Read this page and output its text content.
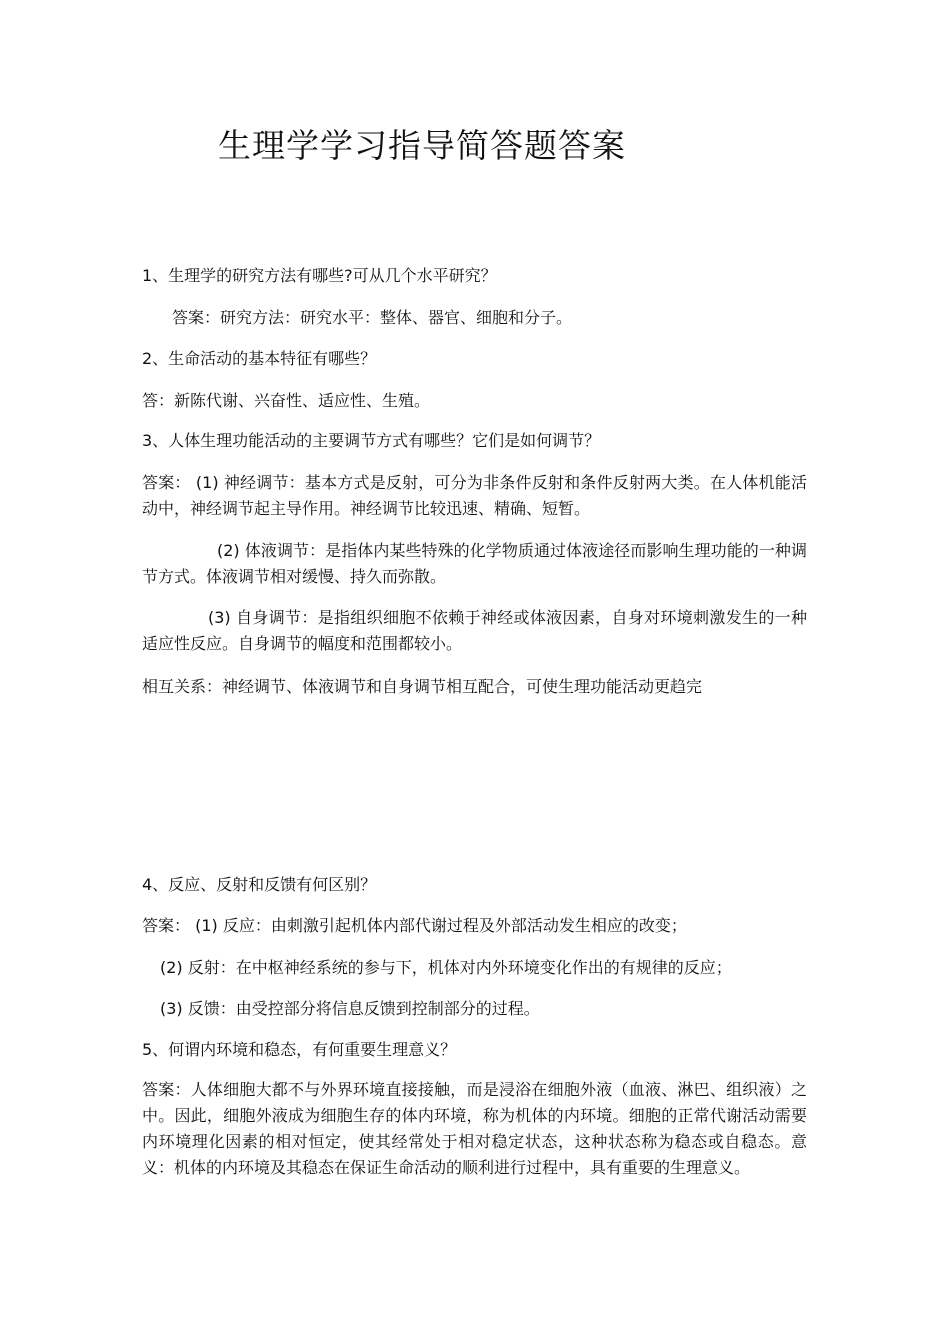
生理学学习指导简答题答案
1、生理学的研究方法有哪些?可从几个水平研究？
答案：研究方法：研究水平：整体、器官、细胞和分子。
2、生命活动的基本特征有哪些？
答：新陈代谢、兴奋性、适应性、生殖。
3、人体生理功能活动的主要调节方式有哪些？它们是如何调节？
答案： (1) 神经调节：基本方式是反射，可分为非条件反射和条件反射两大类。在人体机能活动中，神经调节起主导作用。神经调节比较迅速、精确、短暂。
(2) 体液调节：是指体内某些特殊的化学物质通过体液途径而影响生理功能的一种调节方式。体液调节相对缓慢、持久而弥散。
(3) 自身调节：是指组织细胞不依赖于神经或体液因素，自身对环境刺激发生的一种适应性反应。自身调节的幅度和范围都较小。
相互关系：神经调节、体液调节和自身调节相互配合，可使生理功能活动更趋完
4、反应、反射和反馈有何区别？
答案： (1) 反应：由刺激引起机体内部代谢过程及外部活动发生相应的改变；
(2) 反射：在中枢神经系统的参与下，机体对内外环境变化作出的有规律的反应；
(3) 反馈：由受控部分将信息反馈到控制部分的过程。
5、何谓内环境和稳态，有何重要生理意义？
答案：人体细胞大都不与外界环境直接接触，而是浸浴在细胞外液（血液、淋巴、组织液）之中。因此，细胞外液成为细胞生存的体内环境，称为机体的内环境。细胞的正常代谢活动需要内环境理化因素的相对恒定，使其经常处于相对稳定状态，这种状态称为稳态或自稳态。意义：机体的内环境及其稳态在保证生命活动的顺利进行过程中，具有重要的生理意义。
